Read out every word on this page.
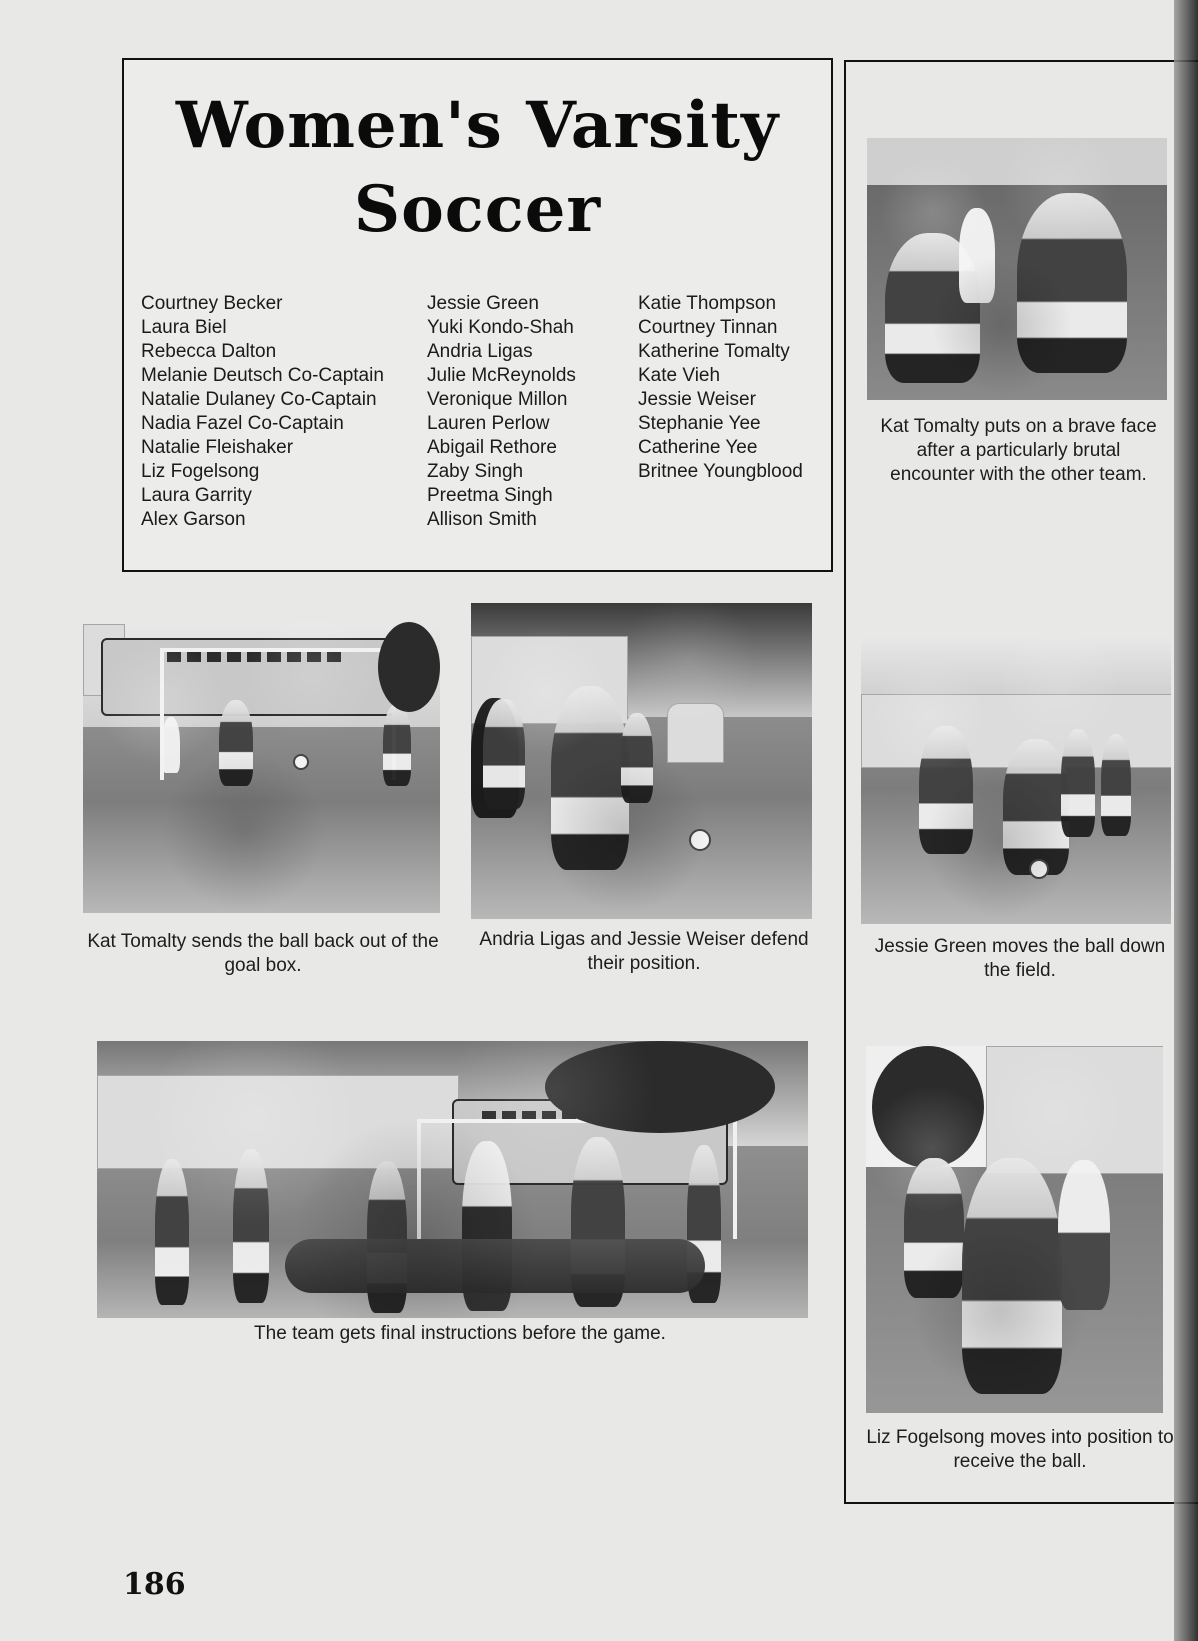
Women's Varsity
Soccer
Courtney Becker
Laura Biel
Rebecca Dalton
Melanie Deutsch Co-Captain
Natalie Dulaney Co-Captain
Nadia Fazel Co-Captain
Natalie Fleishaker
Liz Fogelsong
Laura Garrity
Alex Garson
Jessie Green
Yuki Kondo-Shah
Andria Ligas
Julie McReynolds
Veronique Millon
Lauren Perlow
Abigail Rethore
Zaby Singh
Preetma Singh
Allison Smith
Katie Thompson
Courtney Tinnan
Katherine Tomalty
Kate Vieh
Jessie Weiser
Stephanie Yee
Catherine Yee
Britnee Youngblood
Kat Tomalty puts on a brave face after a particularly brutal encounter with the other team.
Kat Tomalty sends the ball back out of the goal box.
Andria Ligas and Jessie Weiser defend their position.
Jessie Green moves the ball down the field.
The team gets final instructions before the game.
Liz Fogelsong moves into position to receive the ball.
186
